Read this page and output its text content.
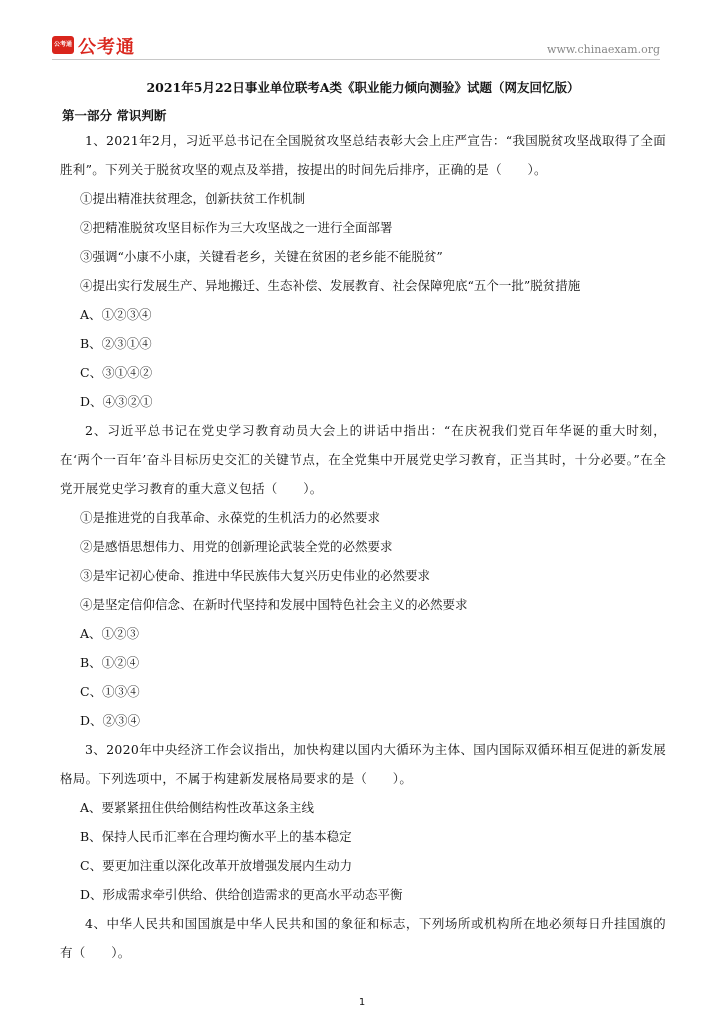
公考通 公考通	www.chinaexam.org
2021年5月22日事业单位联考A类《职业能力倾向测验》试题（网友回忆版）
第一部分 常识判断

1、2021年2月，习近平总书记在全国脱贫攻坚总结表彰大会上庄严宣告：“我国脱贫攻坚战取得了全面胜利”。下列关于脱贫攻坚的观点及举措，按提出的时间先后排序，正确的是（　　）。

①提出精准扶贫理念，创新扶贫工作机制

②把精准脱贫攻坚目标作为三大攻坚战之一进行全面部署

③强调“小康不小康，关键看老乡，关键在贫困的老乡能不能脱贫”

④提出实行发展生产、异地搬迁、生态补偿、发展教育、社会保障兜底“五个一批”脱贫措施

A、①②③④

B、②③①④

C、③①④②

D、④③②①

2、习近平总书记在党史学习教育动员大会上的讲话中指出：“在庆祝我们党百年华诞的重大时刻，在‘两个一百年’奋斗目标历史交汇的关键节点，在全党集中开展党史学习教育，正当其时，十分必要。”在全党开展党史学习教育的重大意义包括（　　）。

①是推进党的自我革命、永葆党的生机活力的必然要求

②是感悟思想伟力、用党的创新理论武装全党的必然要求

③是牢记初心使命、推进中华民族伟大复兴历史伟业的必然要求

④是坚定信仰信念、在新时代坚持和发展中国特色社会主义的必然要求

A、①②③

B、①②④

C、①③④

D、②③④

3、2020年中央经济工作会议指出，加快构建以国内大循环为主体、国内国际双循环相互促进的新发展格局。下列选项中，不属于构建新发展格局要求的是（　　）。

A、要紧紧扭住供给侧结构性改革这条主线

B、保持人民币汇率在合理均衡水平上的基本稳定

C、要更加注重以深化改革开放增强发展内生动力

D、形成需求牵引供给、供给创造需求的更高水平动态平衡

4、中华人民共和国国旗是中华人民共和国的象征和标志，下列场所或机构所在地必须每日升挂国旗的有（　　）。

1
